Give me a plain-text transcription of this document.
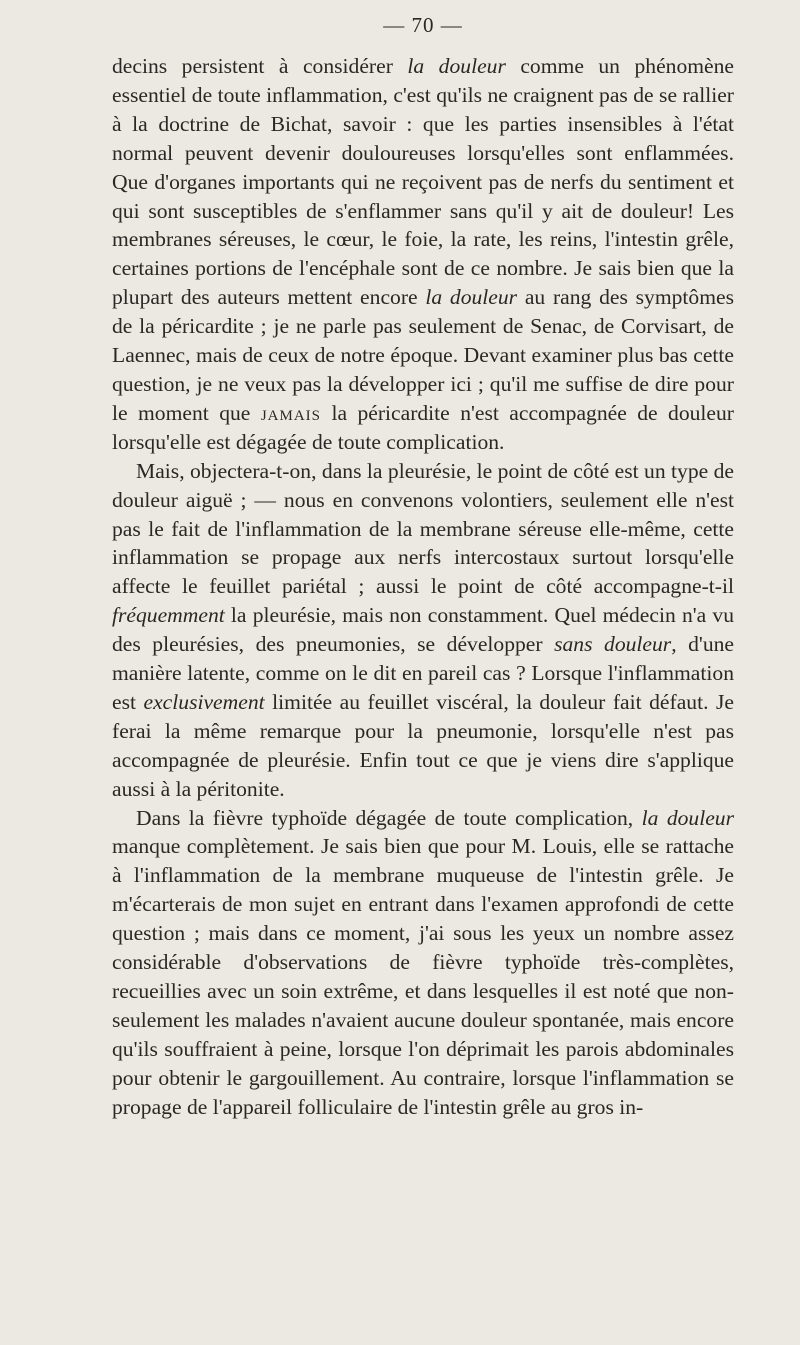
— 70 —

decins persistent à considérer la douleur comme un phénomène essentiel de toute inflammation, c'est qu'ils ne craignent pas de se rallier à la doctrine de Bichat, savoir : que les parties insensibles à l'état normal peuvent devenir douloureuses lorsqu'elles sont enflammées. Que d'organes importants qui ne reçoivent pas de nerfs du sentiment et qui sont susceptibles de s'enflammer sans qu'il y ait de douleur! Les membranes séreuses, le cœur, le foie, la rate, les reins, l'intestin grêle, certaines portions de l'encéphale sont de ce nombre. Je sais bien que la plupart des auteurs mettent encore la douleur au rang des symptômes de la péricardite ; je ne parle pas seulement de Senac, de Corvisart, de Laennec, mais de ceux de notre époque. Devant examiner plus bas cette question, je ne veux pas la développer ici ; qu'il me suffise de dire pour le moment que jamais la péricardite n'est accompagnée de douleur lorsqu'elle est dégagée de toute complication.

Mais, objectera-t-on, dans la pleurésie, le point de côté est un type de douleur aiguë ; — nous en convenons volontiers, seulement elle n'est pas le fait de l'inflammation de la membrane séreuse elle-même, cette inflammation se propage aux nerfs intercostaux surtout lorsqu'elle affecte le feuillet pariétal ; aussi le point de côté accompagne-t-il fréquemment la pleurésie, mais non constamment. Quel médecin n'a vu des pleurésies, des pneumonies, se développer sans douleur, d'une manière latente, comme on le dit en pareil cas ? Lorsque l'inflammation est exclusivement limitée au feuillet viscéral, la douleur fait défaut. Je ferai la même remarque pour la pneumonie, lorsqu'elle n'est pas accompagnée de pleurésie. Enfin tout ce que je viens dire s'applique aussi à la péritonite.

Dans la fièvre typhoïde dégagée de toute complication, la douleur manque complètement. Je sais bien que pour M. Louis, elle se rattache à l'inflammation de la membrane muqueuse de l'intestin grêle. Je m'écarterais de mon sujet en entrant dans l'examen approfondi de cette question ; mais dans ce moment, j'ai sous les yeux un nombre assez considérable d'observations de fièvre typhoïde très-complètes, recueillies avec un soin extrême, et dans lesquelles il est noté que non-seulement les malades n'avaient aucune douleur spontanée, mais encore qu'ils souffraient à peine, lorsque l'on déprimait les parois abdominales pour obtenir le gargouillement. Au contraire, lorsque l'inflammation se propage de l'appareil folliculaire de l'intestin grêle au gros in-
